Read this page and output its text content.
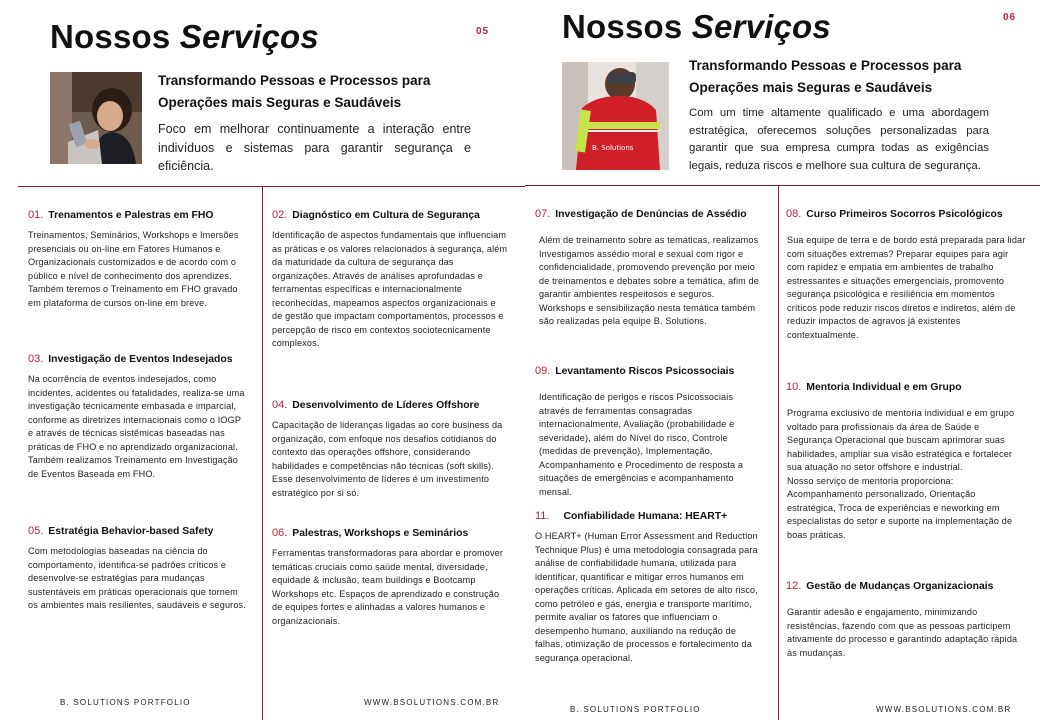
Nossos Serviços	05
Transformando Pessoas e Processos para Operações mais Seguras e Saudáveis
Foco em melhorar continuamente a interação entre indivíduos e sistemas para garantir segurança e eficiência.
01. Trenamentos e Palestras em FHO
Treinamentos, Seminários, Workshops e Imersões presenciais ou on-line em Fatores Humanos e Organizacionais customizados e de acordo com o público e nível de conhecimento dos aprendizes. Também teremos o Treinamento em FHO gravado em plataforma de cursos on-line em breve.
03. Investigação de Eventos Indesejados
Na ocorrência de eventos indesejados, como incidentes, acidentes ou fatalidades, realiza-se uma investigação tecnicamente embasada e imparcial, conforme as diretrizes internacionais como o IOGP e através de técnicas sistêmicas baseadas nas práticas de FHO e no aprendizado organizacional. Também realizamos Treinamento em Investigação de Eventos Baseada em FHO.
05. Estratégia Behavior-based Safety
Com metodologias baseadas na ciência do comportamento, identifica-se padrões críticos e desenvolve-se estratégias para mudanças sustentáveis em práticas operacionais que tornem os ambientes mais resilientes, saudáveis e seguros.
02. Diagnóstico em Cultura de Segurança
Identificação de aspectos fundamentais que influenciam as práticas e os valores relacionados à segurança, além da maturidade da cultura de segurança das organizações. Através de análises aprofundadas e ferramentas específicas e internacionalmente reconhecidas, mapeamos aspectos organizacionais e de gestão que impactam comportamentos, processos e percepção de risco em contextos sociotecnicamente complexos.
04. Desenvolvimento de Líderes Offshore
Capacitação de lideranças ligadas ao core business da organização, com enfoque nos desafios cotidianos do contexto das operações offshore, considerando habilidades e competências não técnicas (soft skills). Esse desenvolvimento de líderes é um investimento estratégico por si só.
06. Palestras, Workshops e Seminários
Ferramentas transformadoras para abordar e promover temáticas cruciais como saúde mental, diversidade, equidade & inclusão, team buildings e Bootcamp Workshops etc. Espaços de aprendizado e construção de equipes fortes e alinhadas a valores humanos e organizacionais.
B. SOLUTIONS PORTFOLIO	WWW.BSOLUTIONS.COM.BR
Nossos Serviços	06
B. Solutions
Transformando Pessoas e Processos para Operações mais Seguras e Saudáveis
Com um time altamente qualificado e uma abordagem estratégica, oferecemos soluções personalizadas para garantir que sua empresa cumpra todas as exigências legais, reduza riscos e melhore sua cultura de segurança.
07. Investigação de Denúncias de Assédio
Além de treinamento sobre as temáticas, realizamos Investigamos assédio moral e sexual com rigor e confidencialidade, promovendo prevenção por meio de treinamentos e debates sobre a temática, afim de garantir ambientes respeitosos e seguros. Workshops e sensibilização nesta temática também são realizadas pela equipe B. Solutions.
09. Levantamento Riscos Psicossociais
Identificação de perigos e riscos Psicossociais através de ferramentas consagradas internacionalmente, Avaliação (probabilidade e severidade), além do Nível do risco, Controle (medidas de prevenção), Implementação, Acompanhamento e Procedimento de resposta a situações de emergências e acompanhamento mensal.
11. Confiabilidade Humana: HEART+
O HEART+ (Human Error Assessment and Reduction Technique Plus) é uma metodologia consagrada para análise de confiabilidade humana, utilizada para identificar, quantificar e mitigar erros humanos em operações críticas. Aplicada em setores de alto risco, como petróleo e gás, energia e transporte marítimo, permite avaliar os fatores que influenciam o desempenho humano, auxiliando na redução de falhas, otimização de processos e fortalecimento da segurança operacional.
08. Curso Primeiros Socorros Psicológicos
Sua equipe de terra e de bordo está preparada para lidar com situações extremas? Preparar equipes para agir com rapidez e empatia em ambientes de trabalho estressantes e situações emergenciais, promovento segurança psicológica e resiliência em momentos críticos pode reduzir riscos diretos e indiretos, além de reduzir impactos de agravos já existentes contextualmente.
10. Mentoria Individual e em Grupo
Programa exclusivo de mentoria individual e em grupo voltado para profissionais da área de Saúde e Segurança Operacional que buscam aprimorar suas habilidades, ampliar sua visão estratégica e fortalecer sua atuação no setor offshore e industrial.
Nosso serviço de mentoria proporciona: Acompanhamento personalizado, Orientação estratégica, Troca de experiências e neworking em especialistas do setor e suporte na implementação de boas práticas.
12. Gestão de Mudanças Organizacionais
Garantir adesão e engajamento, minimizando resistências, fazendo com que as pessoas participem ativamente do processo e garantindo adaptação rápida às mudanças.
B. SOLUTIONS PORTFOLIO	WWW.BSOLUTIONS.COM.BR
